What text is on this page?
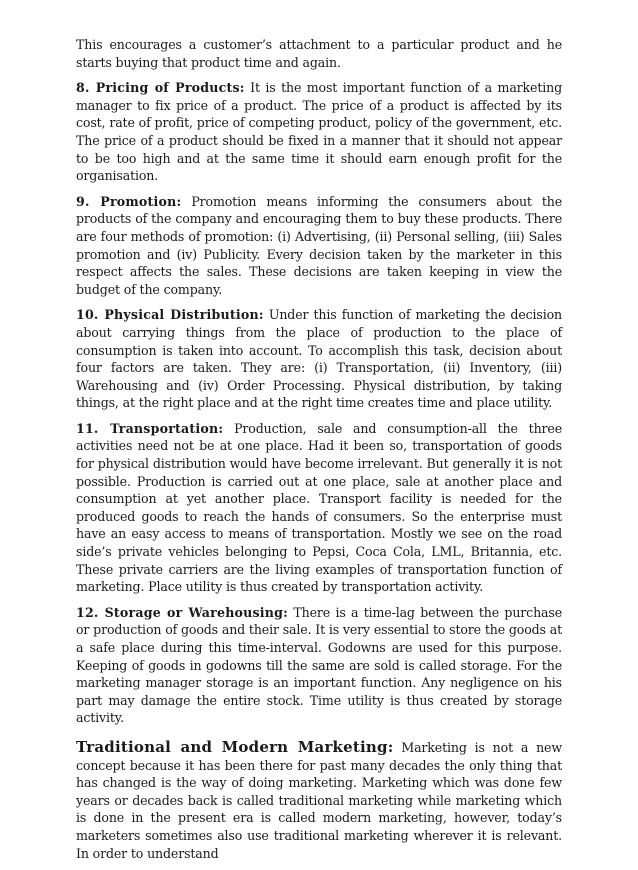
This encourages a customer’s attachment to a particular product and he starts buying that product time and again.

8. Pricing of Products: It is the most important function of a marketing manager to fix price of a product. The price of a product is affected by its cost, rate of profit, price of competing product, policy of the government, etc. The price of a product should be fixed in a manner that it should not appear to be too high and at the same time it should earn enough profit for the organisation.

9. Promotion: Promotion means informing the consumers about the products of the company and encouraging them to buy these products. There are four methods of promotion: (i) Advertising, (ii) Personal selling, (iii) Sales promotion and (iv) Publicity. Every decision taken by the marketer in this respect affects the sales. These decisions are taken keeping in view the budget of the company.

10. Physical Distribution: Under this function of marketing the decision about carrying things from the place of production to the place of consumption is taken into account. To accomplish this task, decision about four factors are taken. They are: (i) Transportation, (ii) Inventory, (iii) Warehousing and (iv) Order Processing. Physical distribution, by taking things, at the right place and at the right time creates time and place utility.

11. Transportation: Production, sale and consumption-all the three activities need not be at one place. Had it been so, transportation of goods for physical distribution would have become irrelevant. But generally it is not possible. Production is carried out at one place, sale at another place and consumption at yet another place. Transport facility is needed for the produced goods to reach the hands of consumers. So the enterprise must have an easy access to means of transportation. Mostly we see on the road side’s private vehicles belonging to Pepsi, Coca Cola, LML, Britannia, etc. These private carriers are the living examples of transportation function of marketing. Place utility is thus created by transportation activity.

12. Storage or Warehousing: There is a time-lag between the purchase or production of goods and their sale. It is very essential to store the goods at a safe place during this time-interval. Godowns are used for this purpose. Keeping of goods in godowns till the same are sold is called storage. For the marketing manager storage is an important function. Any negligence on his part may damage the entire stock. Time utility is thus created by storage activity.

Traditional and Modern Marketing: Marketing is not a new concept because it has been there for past many decades the only thing that has changed is the way of doing marketing. Marketing which was done few years or decades back is called traditional marketing while marketing which is done in the present era is called modern marketing, however, today’s marketers sometimes also use traditional marketing wherever it is relevant. In order to understand
